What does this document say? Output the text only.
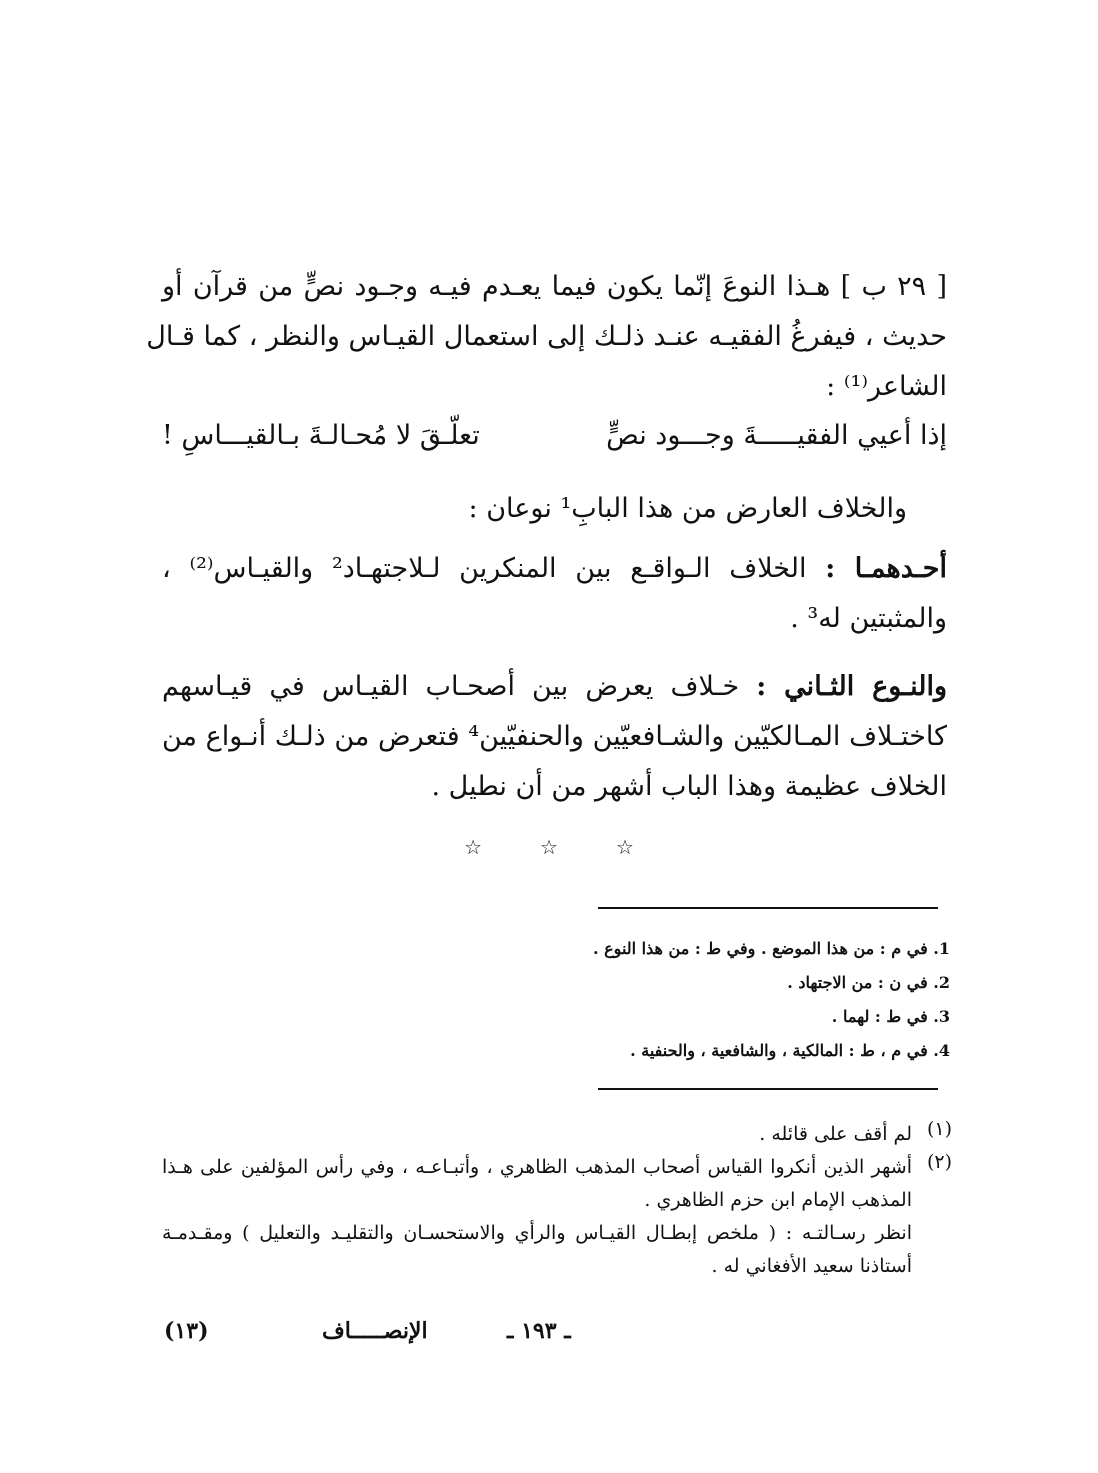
[ ٢٩ ب ] هـذا النوعَ إنّما يكون فيما يعـدم فيـه وجـود نصٍّ من قرآن أو
حديث ، فيفرغُ الفقيـه عنـد ذلـك إلى استعمال القيـاس والنظر ، كما قـال
الشاعر⁽¹⁾ :
إذا أعيي الفقيـــــةَ وجـــود نصٍّ
تعلّـقَ لا مُحـالـةَ بـالقيـــاسِ !
والخلاف العارض من هذا البابِ¹ نوعان :
أحـدهمـا : الخلاف الـواقـع بين المنكرين لـلاجتهـاد² والقيـاس⁽²⁾ ،
والمثبتين له³ .
والنـوع الثـاني : خـلاف يعرض بين أصحـاب القيـاس في قيـاسهم
كاختـلاف المـالكيّين والشـافعيّين والحنفيّين⁴ فتعرض من ذلـك أنـواع من
الخلاف عظيمة وهذا الباب أشهر من أن نطيل .
☆	☆	☆
1. في م : من هذا الموضع . وفي ط : من هذا النوع .
2. في ن : من الاجتهاد .
3. في ط : لهما .
4. في م ، ط : المالكية ، والشافعية ، والحنفية .
(١)
لم أقف على قائله .
(٢)
أشهر الذين أنكروا القياس أصحاب المذهب الظاهري ، وأتبـاعـه ، وفي رأس المؤلفين على هـذا
المذهب الإمام ابن حزم الظاهري .
انظر رسـالتـه : ( ملخص إبطـال القيـاس والرأي والاستحسـان والتقليـد والتعليل ) ومقـدمـة
أستاذنا سعيد الأفغاني له .
ـ ١٩٣ ـ
الإنصـــــاف
(١٣)
